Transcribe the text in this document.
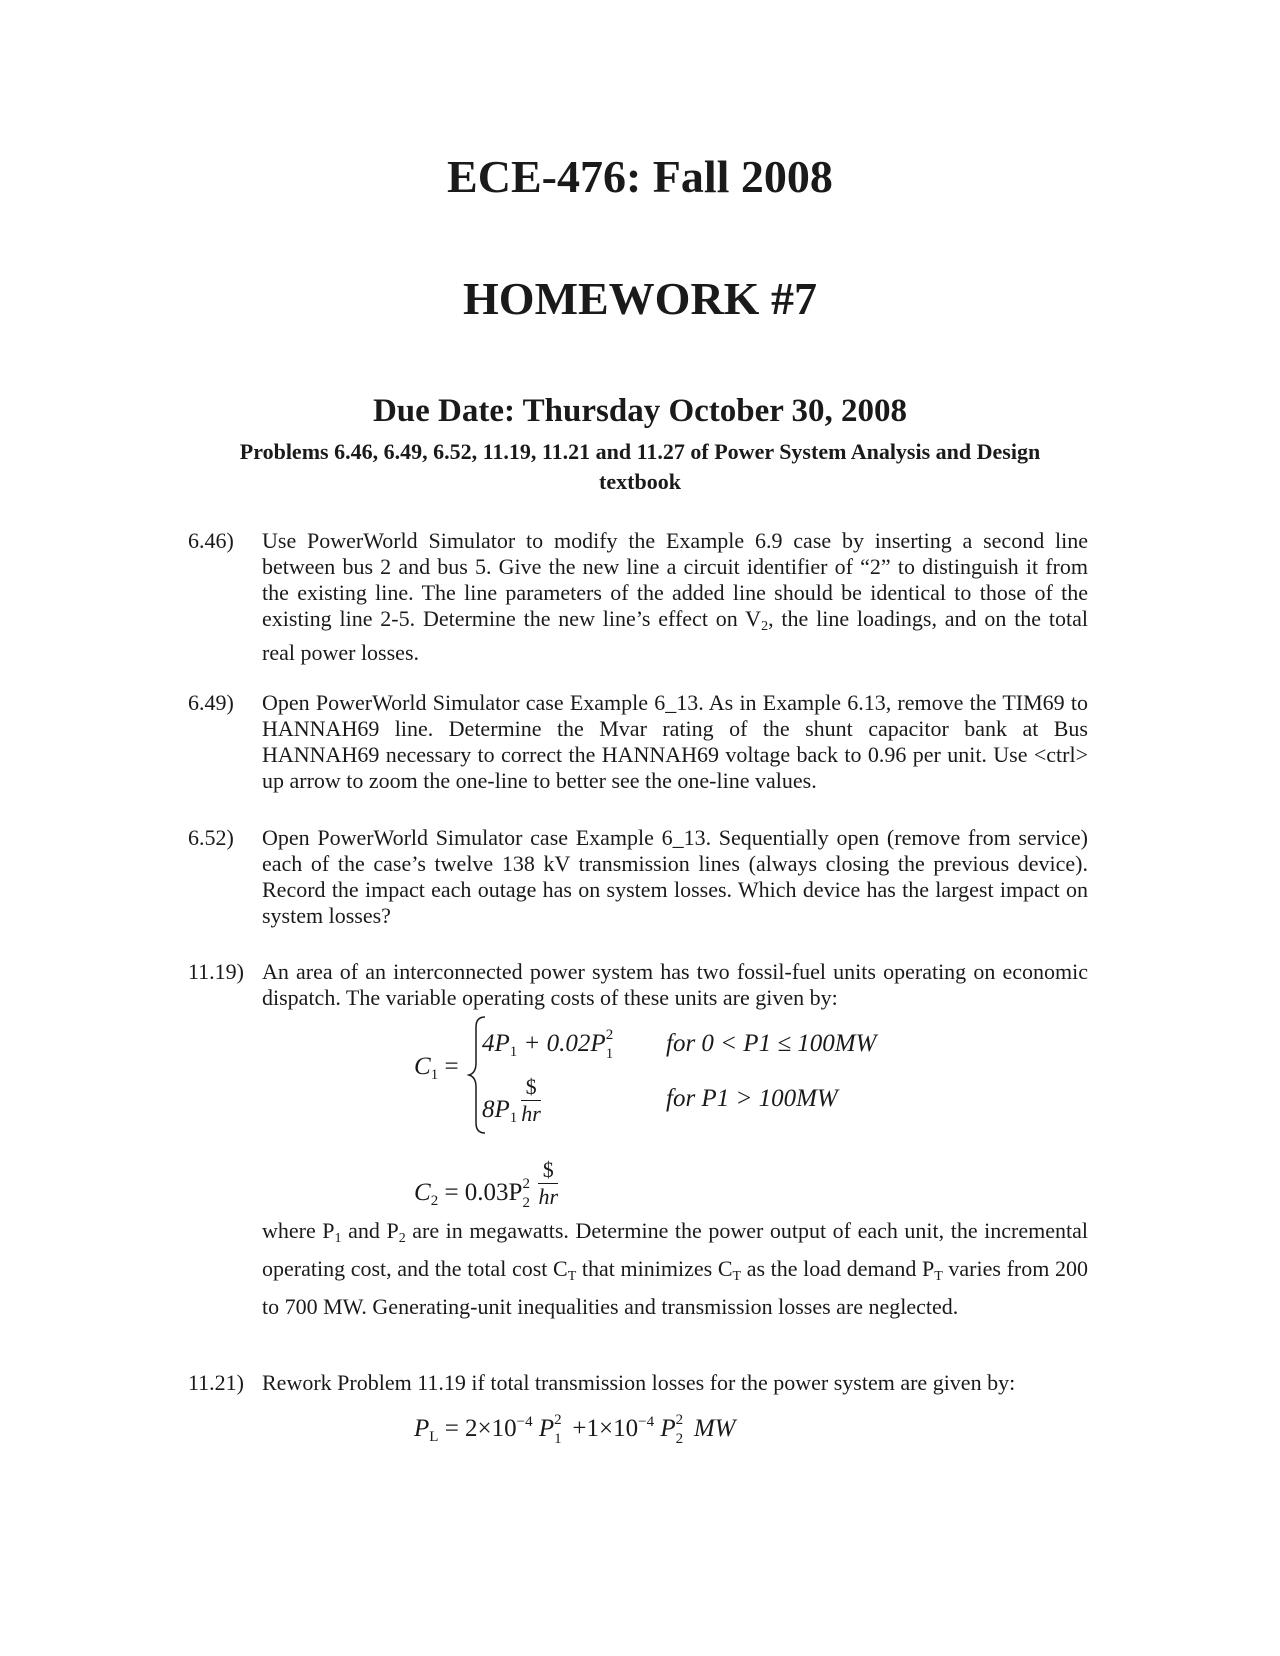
ECE-476: Fall 2008
HOMEWORK #7
Due Date: Thursday October 30, 2008
Problems 6.46, 6.49, 6.52, 11.19, 11.21 and 11.27 of Power System Analysis and Design textbook
6.46) Use PowerWorld Simulator to modify the Example 6.9 case by inserting a second line between bus 2 and bus 5. Give the new line a circuit identifier of “2” to distinguish it from the existing line. The line parameters of the added line should be identical to those of the existing line 2-5. Determine the new line’s effect on V2, the line loadings, and on the total real power losses.
6.49) Open PowerWorld Simulator case Example 6_13. As in Example 6.13, remove the TIM69 to HANNAH69 line. Determine the Mvar rating of the shunt capacitor bank at Bus HANNAH69 necessary to correct the HANNAH69 voltage back to 0.96 per unit. Use <ctrl> up arrow to zoom the one-line to better see the one-line values.
6.52) Open PowerWorld Simulator case Example 6_13. Sequentially open (remove from service) each of the case’s twelve 138 kV transmission lines (always closing the previous device). Record the impact each outage has on system losses. Which device has the largest impact on system losses?
11.19) An area of an interconnected power system has two fossil-fuel units operating on economic dispatch. The variable operating costs of these units are given by:
$C_1$ =
$4P_1 + 0.02P$ 2
1 for 0 < P1 ≤ 100MW
$8P_1 \frac{\$}{hr}$	for P1 > 100MW
$C_2 = 0.03P$ 2
$2 \frac{\$}{hr}$
where P1 and P2 are in megawatts. Determine the power output of each unit, the incremental operating cost, and the total cost CT that minimizes CT as the load demand PT varies from 200 to 700 MW. Generating-unit inequalities and transmission losses are neglected.
11.21) Rework Problem 11.19 if total transmission losses for the power system are given by:
$P_L = 2\times 10^{-4}$ P 2
$1 +1\times 10^{-4}$ P 2
2 MW
